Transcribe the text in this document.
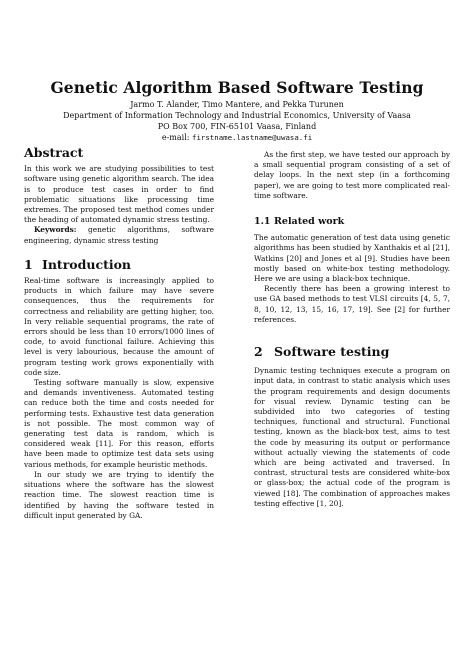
Genetic Algorithm Based Software Testing
Jarmo T. Alander, Timo Mantere, and Pekka Turunen
Department of Information Technology and Industrial Economics, University of Vaasa
PO Box 700, FIN-65101 Vaasa, Finland
e-mail: firstname.lastname@uwasa.fi
Abstract

In this work we are studying possibilities to test software using genetic algorithm search. The idea is to produce test cases in order to find problematic situations like processing time extremes. The proposed test method comes under the heading of automated dynamic stress testing.

Keywords: genetic algorithms, software engineering, dynamic stress testing

1 Introduction

Real-time software is increasingly applied to products in which failure may have severe consequences, thus the requirements for correctness and reliability are getting higher, too. In very reliable sequential programs, the rate of errors should be less than 10 errors/1000 lines of code, to avoid functional failure. Achieving this level is very labourious, because the amount of program testing work grows exponentially with code size.

Testing software manually is slow, expensive and demands inventiveness. Automated testing can reduce both the time and costs needed for performing tests. Exhaustive test data generation is not possible. The most common way of generating test data is random, which is considered weak [11]. For this reason, efforts have been made to optimize test data sets using various methods, for example heuristic methods.

In our study we are trying to identify the situations where the software has the slowest reaction time. The slowest reaction time is identified by having the software tested in difficult input generated by GA.

As the first step, we have tested our approach by a small sequential program consisting of a set of delay loops. In the next step (in a forthcoming paper), we are going to test more complicated real-time software.

1.1 Related work

The automatic generation of test data using genetic algorithms has been studied by Xanthakis et al [21], Watkins [20] and Jones et al [9]. Studies have been mostly based on white-box testing methodology. Here we are using a black-box technique.

Recently there has been a growing interest to use GA based methods to test VLSI circuits [4, 5, 7, 8, 10, 12, 13, 15, 16, 17, 19]. See [2] for further references.

2 Software testing

Dynamic testing techniques execute a program on input data, in contrast to static analysis which uses the program requirements and design documents for visual review. Dynamic testing can be subdivided into two categories of testing techniques, functional and structural. Functional testing, known as the black-box test, aims to test the code by measuring its output or performance without actually viewing the statements of code which are being activated and traversed. In contrast, structural tests are considered white-box or glass-box; the actual code of the program is viewed [18]. The combination of approaches makes testing effective [1, 20].
